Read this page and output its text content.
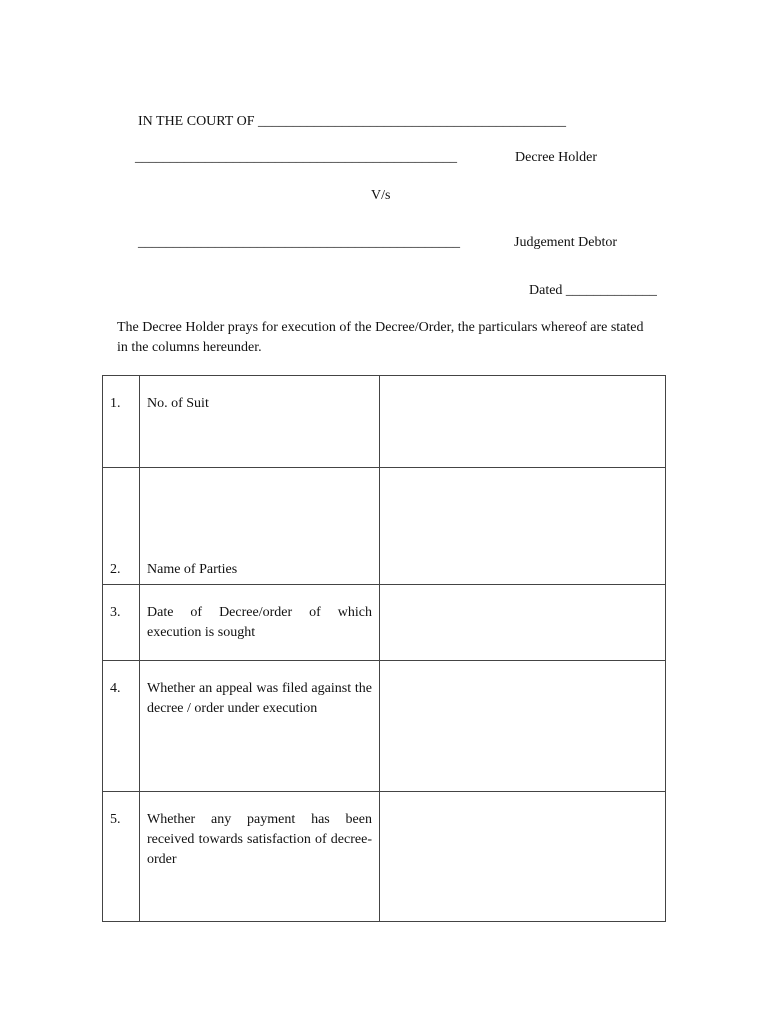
IN THE COURT OF ____________________________________________
______________________________________________	Decree Holder
V/s
______________________________________________	Judgement Debtor
Dated _____________
The Decree Holder prays for execution of the Decree/Order, the particulars whereof are stated in the columns hereunder.
1.	No. of Suit	

2.	Name of Parties	

3.	Date of Decree/order of which execution is sought	

4.	Whether an appeal was filed against the decree / order under execution	

5.	Whether any payment has been received towards satisfaction of decree-order	
